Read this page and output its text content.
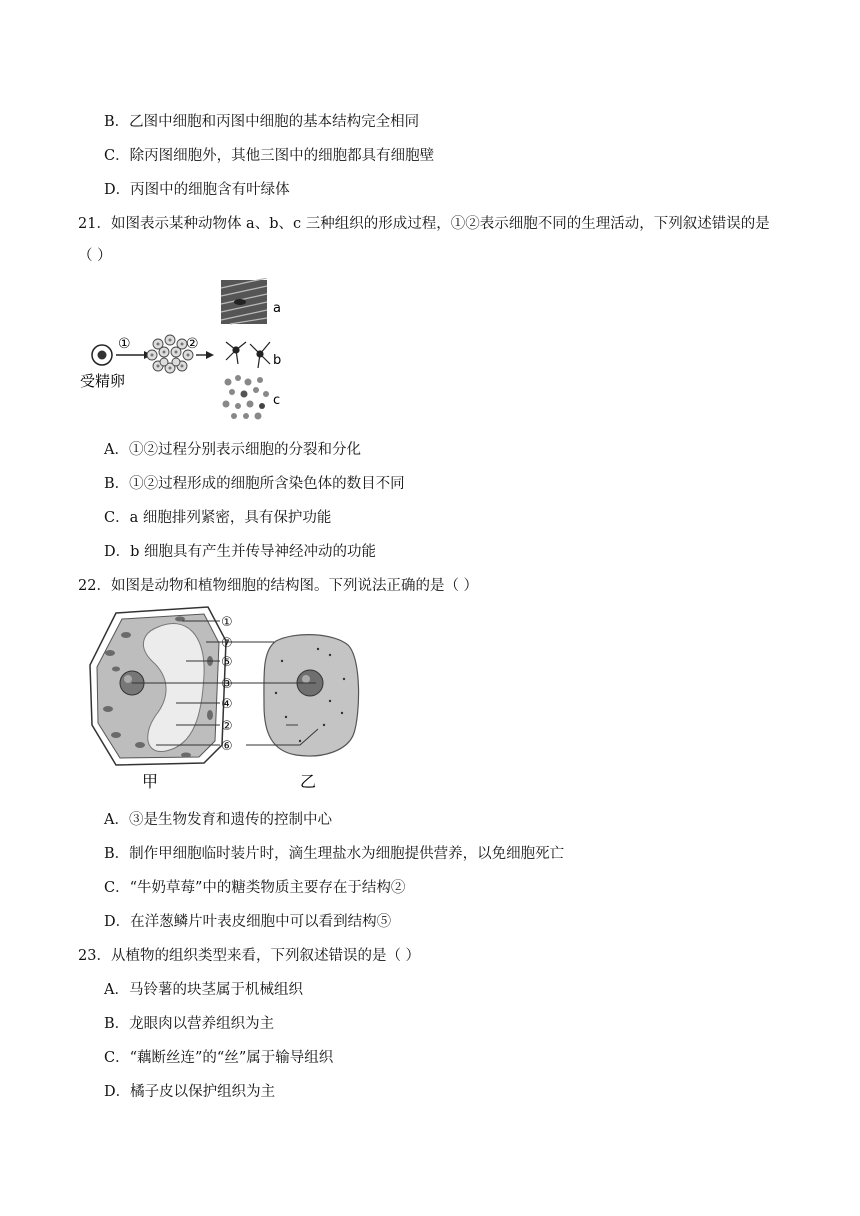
B．乙图中细胞和丙图中细胞的基本结构完全相同
C．除丙图细胞外，其他三图中的细胞都具有细胞壁
D．丙图中的细胞含有叶绿体
21．如图表示某种动物体 a、b、c 三种组织的形成过程，①②表示细胞不同的生理活动，下列叙述错误的是
（ ）
①	②
受精卵
a
b
c
A．①②过程分别表示细胞的分裂和分化
B．①②过程形成的细胞所含染色体的数目不同
C．a 细胞排列紧密，具有保护功能
D．b 细胞具有产生并传导神经冲动的功能
22．如图是动物和植物细胞的结构图。下列说法正确的是（ ）
①
⑦
⑤
③
④
②
⑥
甲	乙
A．③是生物发育和遗传的控制中心
B．制作甲细胞临时装片时，滴生理盐水为细胞提供营养，以免细胞死亡
C．“牛奶草莓”中的糖类物质主要存在于结构②
D．在洋葱鳞片叶表皮细胞中可以看到结构⑤
23．从植物的组织类型来看，下列叙述错误的是（ ）
A．马铃薯的块茎属于机械组织
B．龙眼肉以营养组织为主
C．“藕断丝连”的“丝”属于输导组织
D．橘子皮以保护组织为主
